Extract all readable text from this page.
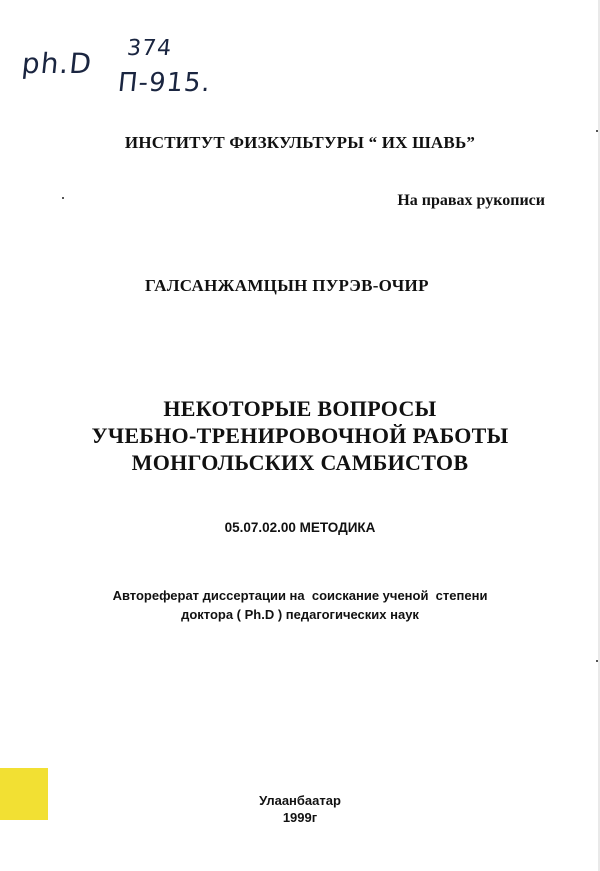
ph.D 374
П-915.
ИНСТИТУТ ФИЗКУЛЬТУРЫ “ ИХ ШАВЬ”
На правах рукописи
ГАЛСАНЖАМЦЫН ПУРЭВ-ОЧИР
НЕКОТОРЫЕ ВОПРОСЫ
УЧЕБНО-ТРЕНИРОВОЧНОЙ РАБОТЫ
МОНГОЛЬСКИХ САМБИСТОВ
05.07.02.00 МЕТОДИКА
Автореферат диссертации на  соискание ученой  степени
доктора ( Ph.D ) педагогических наук
Улаанбаатар
1999г
